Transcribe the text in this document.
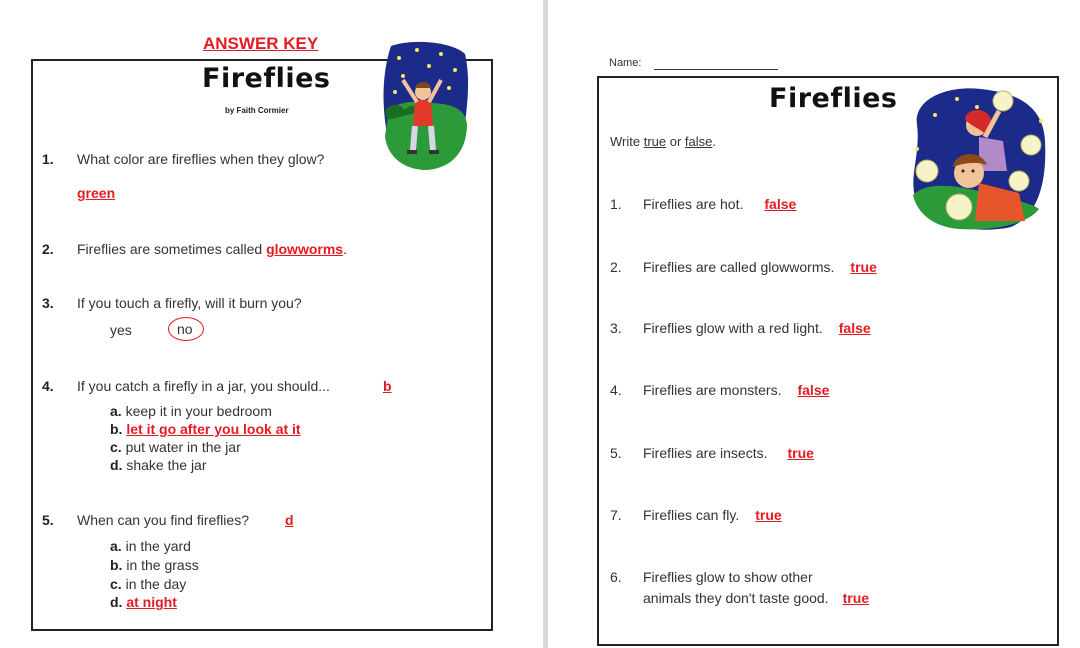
ANSWER KEY
Fireflies
by Faith Cormier
1. What color are fireflies when they glow?
green
2. Fireflies are sometimes called glowworms.
3. If you touch a firefly, will it burn you?
yes	no
4. If you catch a firefly in a jar, you should...	b
a. keep it in your bedroom
b. let it go after you look at it
c. put water in the jar
d. shake the jar
5. When can you find fireflies?	d
a. in the yard
b. in the grass
c. in the day
d. at night
Name:
Fireflies
Write true or false.
1. Fireflies are hot. false
2. Fireflies are called glowworms. true
3. Fireflies glow with a red light. false
4. Fireflies are monsters. false
5. Fireflies are insects. true
7. Fireflies can fly. true
6. Fireflies glow to show other
animals they don't taste good. true
